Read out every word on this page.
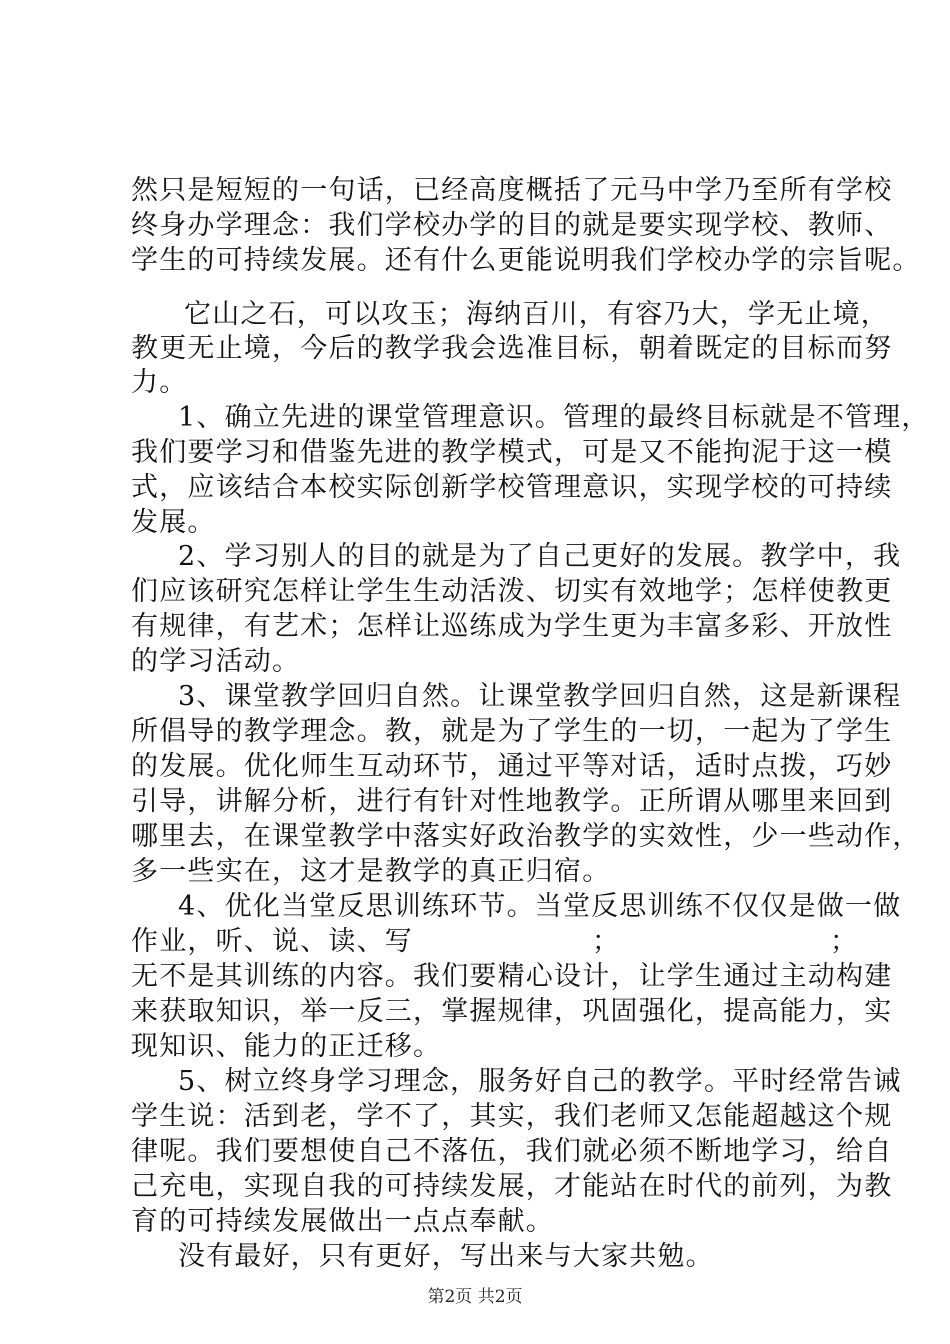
然只是短短的一句话，已经高度概括了元马中学乃至所有学校
终身办学理念：我们学校办学的目的就是要实现学校、教师、
学生的可持续发展。还有什么更能说明我们学校办学的宗旨呢。
它山之石，可以攻玉；海纳百川，有容乃大，学无止境，
教更无止境，今后的教学我会选准目标，朝着既定的目标而努
力。
1、确立先进的课堂管理意识。管理的最终目标就是不管理，
我们要学习和借鉴先进的教学模式，可是又不能拘泥于这一模
式，应该结合本校实际创新学校管理意识，实现学校的可持续
发展。
2、学习别人的目的就是为了自己更好的发展。教学中，我
们应该研究怎样让学生生动活泼、切实有效地学；怎样使教更
有规律，有艺术；怎样让巡练成为学生更为丰富多彩、开放性
的学习活动。
3、课堂教学回归自然。让课堂教学回归自然，这是新课程
所倡导的教学理念。教，就是为了学生的一切，一起为了学生
的发展。优化师生互动环节，通过平等对话，适时点拨，巧妙
引导，讲解分析，进行有针对性地教学。正所谓从哪里来回到
哪里去，在课堂教学中落实好政治教学的实效性，少一些动作，
多一些实在，这才是教学的真正归宿。
4、优化当堂反思训练环节。当堂反思训练不仅仅是做一做
作业，听、说、读、写	；	；
无不是其训练的内容。我们要精心设计，让学生通过主动构建
来获取知识，举一反三，掌握规律，巩固强化，提高能力，实
现知识、能力的正迁移。
5、树立终身学习理念，服务好自己的教学。平时经常告诫
学生说：活到老，学不了，其实，我们老师又怎能超越这个规
律呢。我们要想使自己不落伍，我们就必须不断地学习，给自
己充电，实现自我的可持续发展，才能站在时代的前列，为教
育的可持续发展做出一点点奉献。
没有最好，只有更好，写出来与大家共勉。
第2页 共2页
